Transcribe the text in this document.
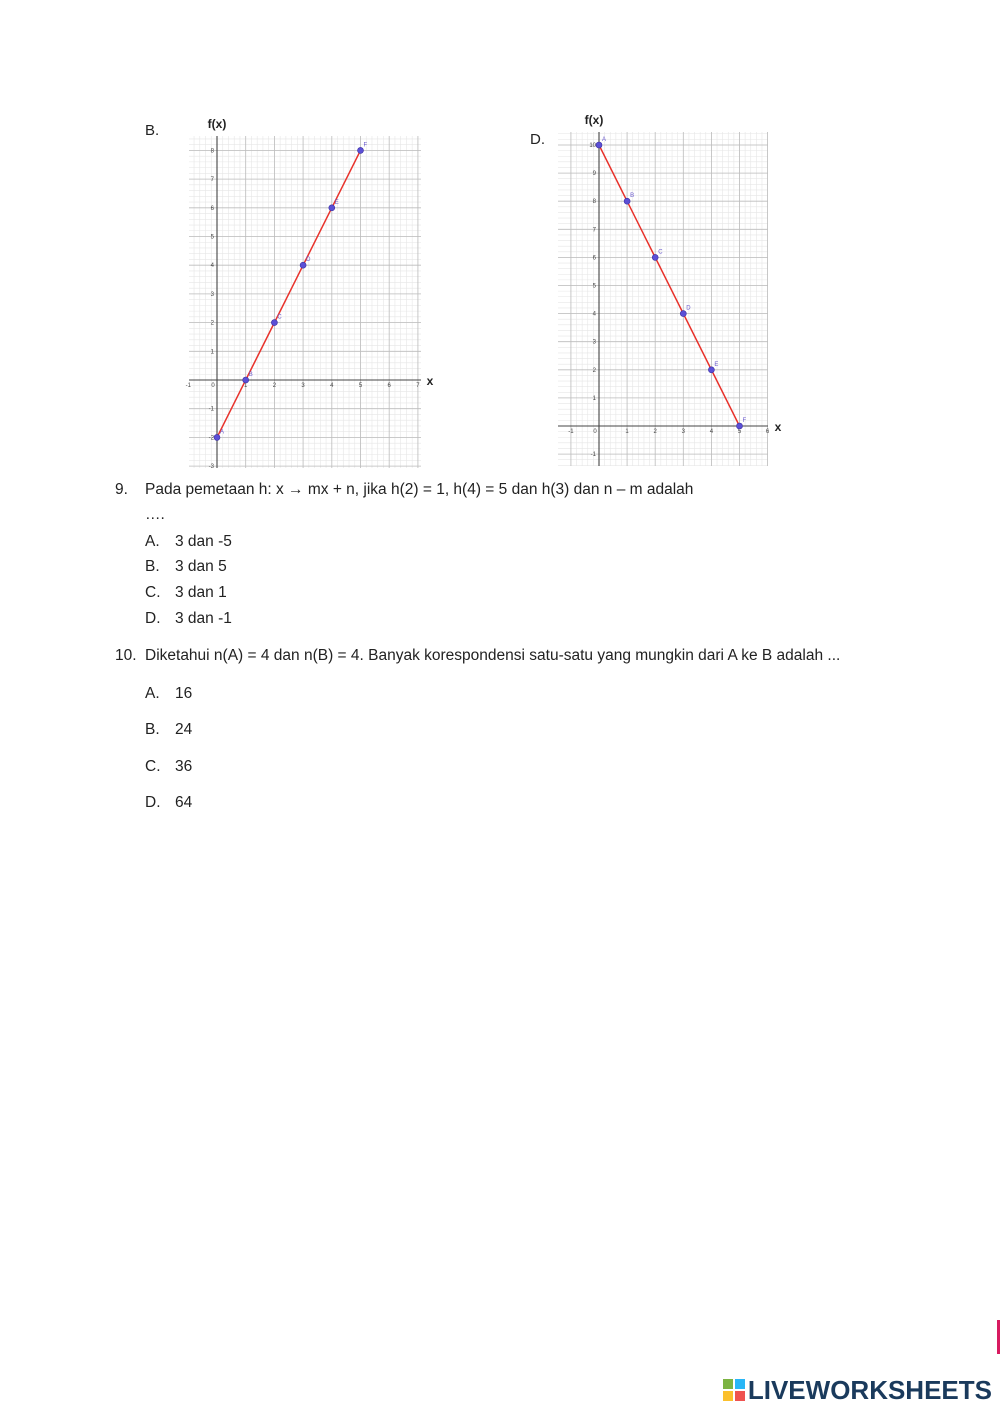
B.
D.
-1	0	1	2	3	4	5	6	7
-3
-2
-1
1
2
3
4
5
6
7
8
f(x)
x
A
B
C
D
E
F
-1	0	1	2	3	4	5	6
-1
1
2
3
4
5
6
7
8
9
10
f(x)
x
A
B
C
D
E
F
9. Pada pemetaan h: x → mx + n, jika h(2) = 1, h(4) = 5 dan h(3) dan n – m adalah
….
A. 3 dan -5
B. 3 dan 5
C. 3 dan 1
D. 3 dan -1
10. Diketahui n(A) = 4 dan n(B) = 4. Banyak korespondensi satu-satu yang mungkin dari A ke B adalah ...
A. 16
B. 24
C. 36
D. 64
LIVEWORKSHEETS
